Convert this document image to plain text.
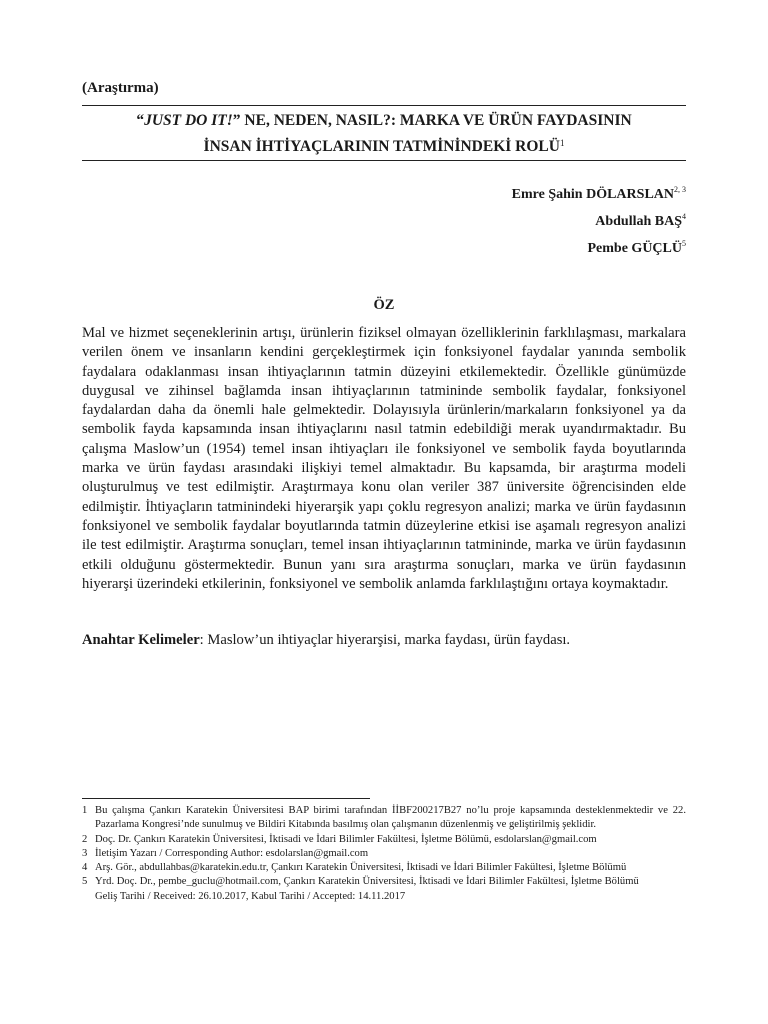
(Araştırma)
“JUST DO IT!” NE, NEDEN, NASIL?: MARKA VE ÜRÜN FAYDASININ
İNSAN İHTİYAÇLARININ TATMİNİNDEKİ ROLÜ$^1$
Emre Şahin DÖLARSLAN$^{2, 3}$
Abdullah BAŞ$^4$
Pembe GÜÇLÜ$^5$
ÖZ
Mal ve hizmet seçeneklerinin artışı, ürünlerin fiziksel olmayan özelliklerinin farklılaşması, markalara verilen önem ve insanların kendini gerçekleştirmek için fonksiyonel faydalar yanında sembolik faydalara odaklanması insan ihtiyaçlarının tatmin düzeyini etkilemektedir. Özellikle günümüzde duygusal ve zihinsel bağlamda insan ihtiyaçlarının tatmininde sembolik faydalar, fonksiyonel faydalardan daha da önemli hale gelmektedir. Dolayısıyla ürünlerin/markaların fonksiyonel ya da sembolik fayda kapsamında insan ihtiyaçlarını nasıl tatmin edebildiği merak uyandırmaktadır. Bu çalışma Maslow’un (1954) temel insan ihtiyaçları ile fonksiyonel ve sembolik fayda boyutlarında marka ve ürün faydası arasındaki ilişkiyi temel almaktadır. Bu kapsamda, bir araştırma modeli oluşturulmuş ve test edilmiştir. Araştırmaya konu olan veriler 387 üniversite öğrencisinden elde edilmiştir. İhtiyaçların tatminindeki hiyerarşik yapı çoklu regresyon analizi; marka ve ürün faydasının fonksiyonel ve sembolik faydalar boyutlarında tatmin düzeylerine etkisi ise aşamalı regresyon analizi ile test edilmiştir. Araştırma sonuçları, temel insan ihtiyaçlarının tatmininde, marka ve ürün faydasının etkili olduğunu göstermektedir. Bunun yanı sıra araştırma sonuçları, marka ve ürün faydasının hiyerarşi üzerindeki etkilerinin, fonksiyonel ve sembolik anlamda farklılaştığını ortaya koymaktadır.
Anahtar Kelimeler: Maslow’un ihtiyaçlar hiyerarşisi, marka faydası, ürün faydası.
1 Bu çalışma Çankırı Karatekin Üniversitesi BAP birimi tarafından İİBF200217B27 no’lu proje kapsamında desteklenmektedir ve 22. Pazarlama Kongresi’nde sunulmuş ve Bildiri Kitabında basılmış olan çalışmanın düzenlenmiş ve geliştirilmiş şeklidir.
2 Doç. Dr. Çankırı Karatekin Üniversitesi, İktisadi ve İdari Bilimler Fakültesi, İşletme Bölümü, esdolarslan@gmail.com
3 İletişim Yazarı / Corresponding Author: esdolarslan@gmail.com
4 Arş. Gör., abdullahbas@karatekin.edu.tr, Çankırı Karatekin Üniversitesi, İktisadi ve İdari Bilimler Fakültesi, İşletme Bölümü
5 Yrd. Doç. Dr., pembe_guclu@hotmail.com, Çankırı Karatekin Üniversitesi, İktisadi ve İdari Bilimler Fakültesi, İşletme Bölümü
Geliş Tarihi / Received: 26.10.2017, Kabul Tarihi / Accepted: 14.11.2017
